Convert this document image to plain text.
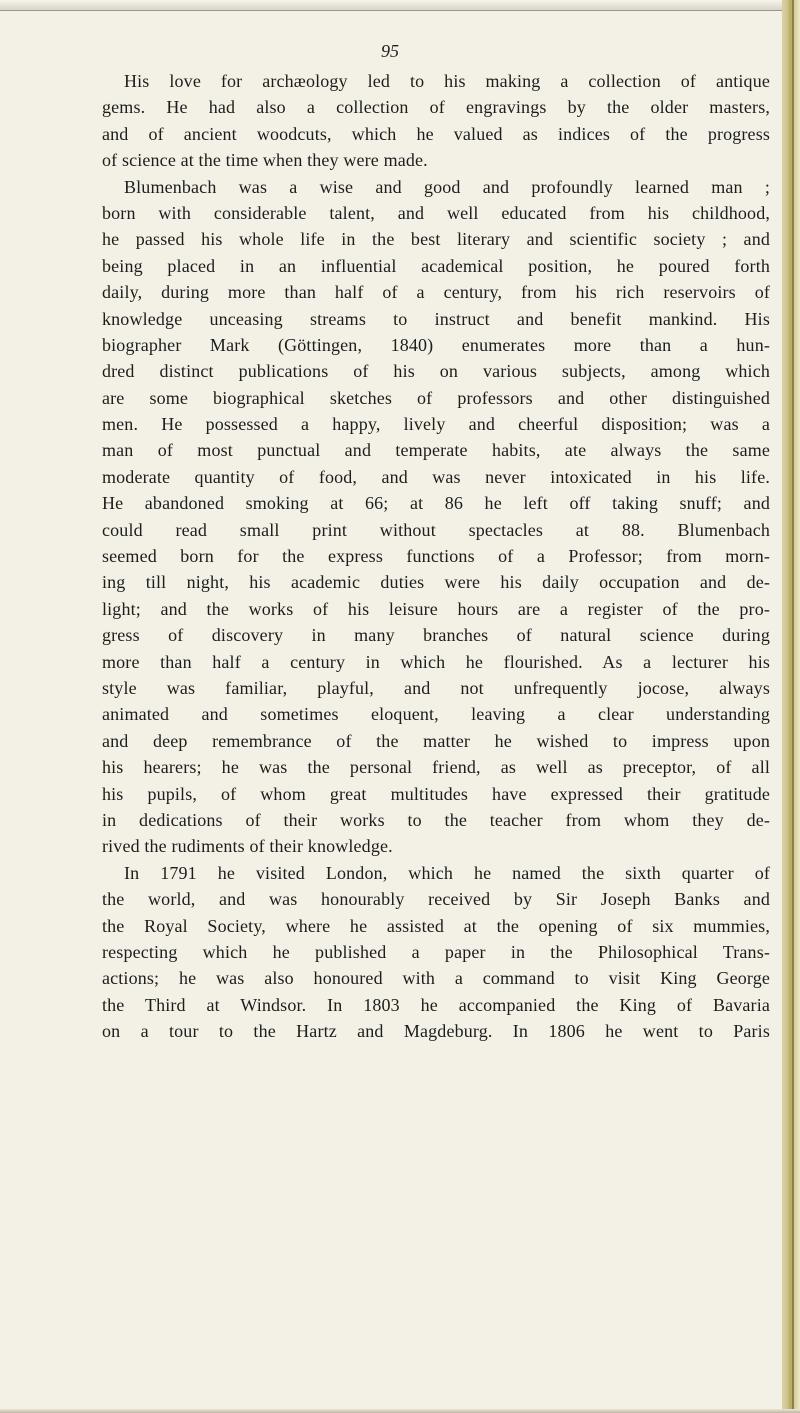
95

His love for archæology led to his making a collection of antique
gems. He had also a collection of engravings by the older masters,
and of ancient woodcuts, which he valued as indices of the progress
of science at the time when they were made.

Blumenbach was a wise and good and profoundly learned man ;
born with considerable talent, and well educated from his childhood,
he passed his whole life in the best literary and scientific society ; and
being placed in an influential academical position, he poured forth
daily, during more than half of a century, from his rich reservoirs of
knowledge unceasing streams to instruct and benefit mankind. His
biographer Mark (Göttingen, 1840) enumerates more than a hun-
dred distinct publications of his on various subjects, among which
are some biographical sketches of professors and other distinguished
men. He possessed a happy, lively and cheerful disposition; was a
man of most punctual and temperate habits, ate always the same
moderate quantity of food, and was never intoxicated in his life.
He abandoned smoking at 66; at 86 he left off taking snuff; and
could read small print without spectacles at 88. Blumenbach
seemed born for the express functions of a Professor; from morn-
ing till night, his academic duties were his daily occupation and de-
light; and the works of his leisure hours are a register of the pro-
gress of discovery in many branches of natural science during
more than half a century in which he flourished. As a lecturer his
style was familiar, playful, and not unfrequently jocose, always
animated and sometimes eloquent, leaving a clear understanding
and deep remembrance of the matter he wished to impress upon
his hearers; he was the personal friend, as well as preceptor, of all
his pupils, of whom great multitudes have expressed their gratitude
in dedications of their works to the teacher from whom they de-
rived the rudiments of their knowledge.

In 1791 he visited London, which he named the sixth quarter of
the world, and was honourably received by Sir Joseph Banks and
the Royal Society, where he assisted at the opening of six mummies,
respecting which he published a paper in the Philosophical Trans-
actions; he was also honoured with a command to visit King George
the Third at Windsor. In 1803 he accompanied the King of Bavaria
on a tour to the Hartz and Magdeburg. In 1806 he went to Paris
